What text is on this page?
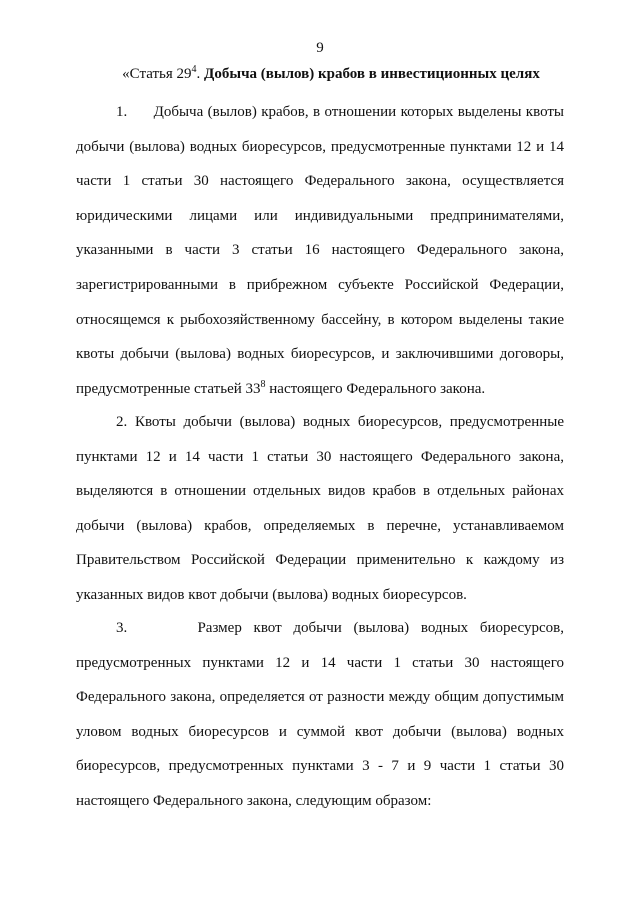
9
«Статья $29^4$. Добыча (вылов) крабов в инвестиционных целях

1. Добыча (вылов) крабов, в отношении которых выделены квоты добычи (вылова) водных биоресурсов, предусмотренные пунктами 12 и 14 части 1 статьи 30 настоящего Федерального закона, осуществляется юридическими лицами или индивидуальными предпринимателями, указанными в части 3 статьи 16 настоящего Федерального закона, зарегистрированными в прибрежном субъекте Российской Федерации, относящемся к рыбохозяйственному бассейну, в котором выделены такие квоты добычи (вылова) водных биоресурсов, и заключившими договоры, предусмотренные статьей $33^8$ настоящего Федерального закона.

2. Квоты добычи (вылова) водных биоресурсов, предусмотренные пунктами 12 и 14 части 1 статьи 30 настоящего Федерального закона, выделяются в отношении отдельных видов крабов в отдельных районах добычи (вылова) крабов, определяемых в перечне, устанавливаемом Правительством Российской Федерации применительно к каждому из указанных видов квот добычи (вылова) водных биоресурсов.

3.	Размер квот добычи (вылова) водных биоресурсов, предусмотренных пунктами 12 и 14 части 1 статьи 30 настоящего Федерального закона, определяется от разности между общим допустимым уловом водных биоресурсов и суммой квот добычи (вылова) водных биоресурсов, предусмотренных пунктами 3 - 7 и 9 части 1 статьи 30 настоящего Федерального закона, следующим образом:
